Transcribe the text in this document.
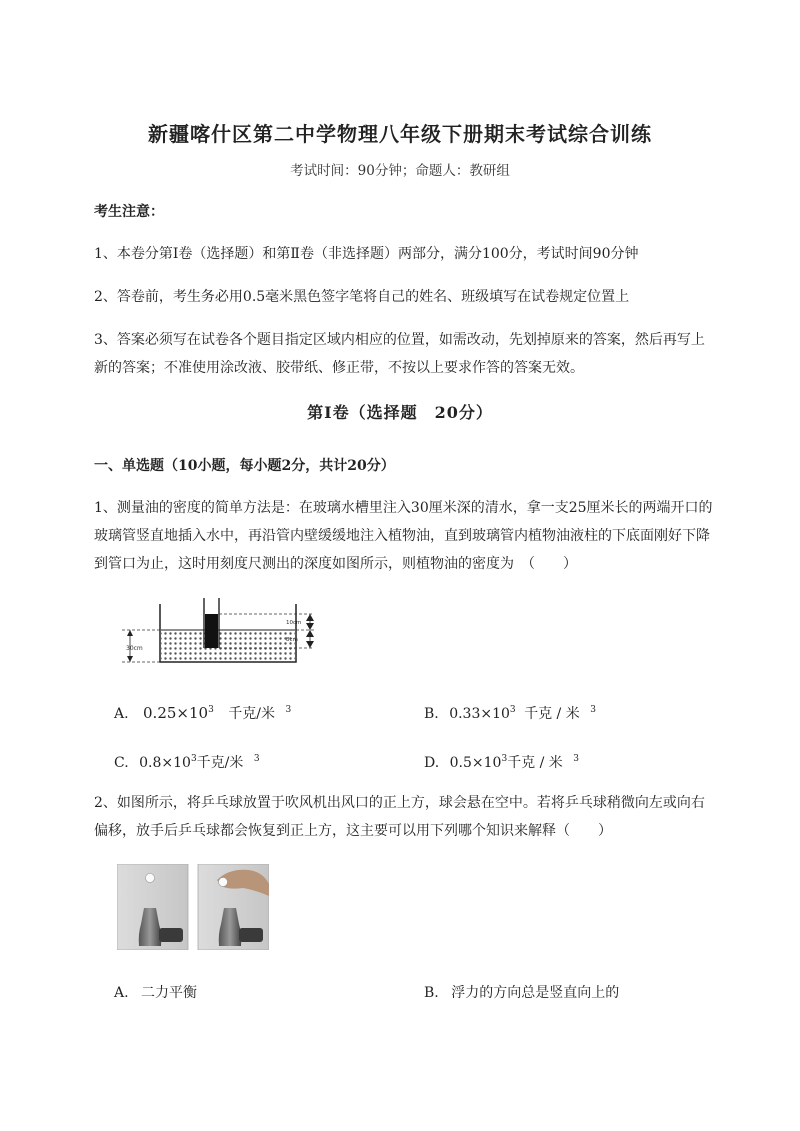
新疆喀什区第二中学物理八年级下册期末考试综合训练
考试时间：90分钟；命题人：教研组
考生注意：
1、本卷分第I卷（选择题）和第Ⅱ卷（非选择题）两部分，满分100分，考试时间90分钟
2、答卷前，考生务必用0.5毫米黑色签字笔将自己的姓名、班级填写在试卷规定位置上
3、答案必须写在试卷各个题目指定区域内相应的位置，如需改动，先划掉原来的答案，然后再写上新的答案；不准使用涂改液、胶带纸、修正带，不按以上要求作答的答案无效。
第I卷（选择题　20分）
一、单选题（10小题，每小题2分，共计20分）
1、测量油的密度的简单方法是：在玻璃水槽里注入30厘米深的清水，拿一支25厘米长的两端开口的玻璃管竖直地插入水中，再沿管内壁缓缓地注入植物油，直到玻璃管内植物油液柱的下底面刚好下降到管口为止，这时用刻度尺测出的深度如图所示，则植物油的密度为　（　　）
30cm
10cm
8cm
A. $0.25\times 10^3$ 千克/米 $^3$	B. $0.33\times 10^3$ 千克 / 米 $^3$
C. $0.8\times 10^3$千克/米 $^3$	D. $0.5\times 10^3$千克 / 米 $^3$
2、如图所示，将乒乓球放置于吹风机出风口的正上方，球会悬在空中。若将乒乓球稍微向左或向右偏移，放手后乒乓球都会恢复到正上方，这主要可以用下列哪个知识来解释（　　）
A. 二力平衡	B. 浮力的方向总是竖直向上的
